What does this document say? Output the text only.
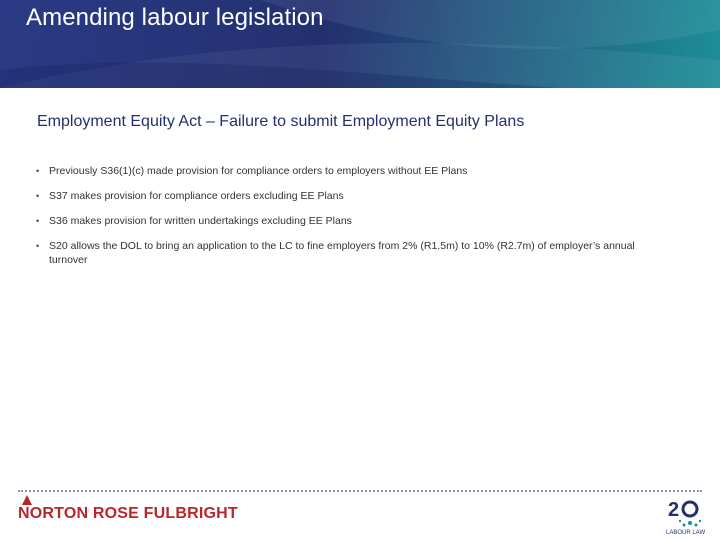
Amending labour legislation
Employment Equity Act – Failure to submit Employment Equity Plans
• Previously S36(1)(c) made provision for compliance orders to employers without EE Plans
• S37 makes provision for compliance orders excluding EE Plans
• S36 makes provision for written undertakings excluding EE Plans
• S20 allows the DOL to bring an application to the LC to fine employers from 2% (R1.5m) to 10% (R2.7m) of employer’s annual turnover
NORTON ROSE FULBRIGHT	2
LABOUR LAW
